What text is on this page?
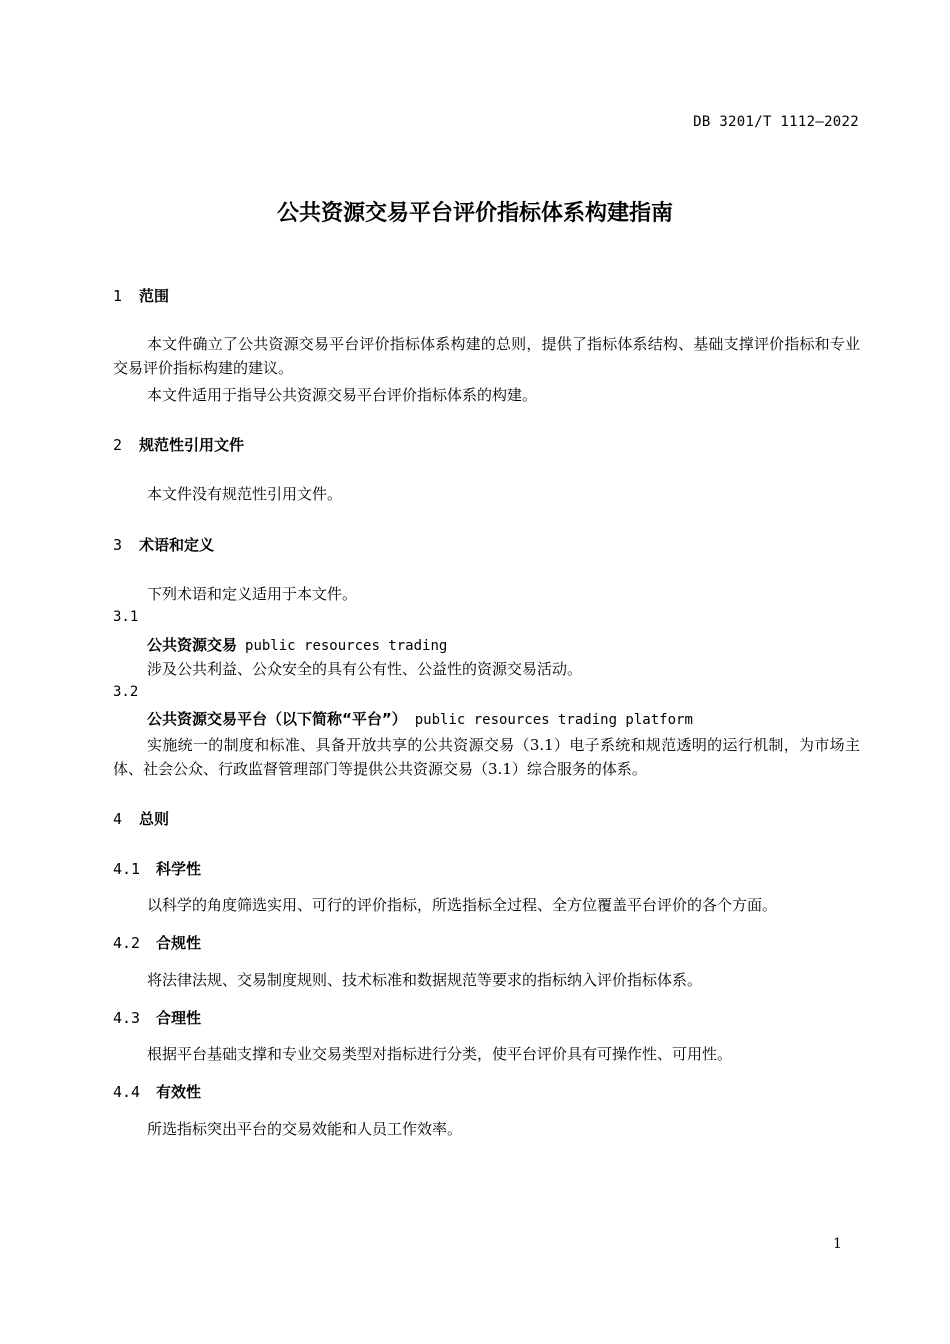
DB 3201/T 1112—2022
公共资源交易平台评价指标体系构建指南
1 范围
本文件确立了公共资源交易平台评价指标体系构建的总则，提供了指标体系结构、基础支撑评价指标和专业交易评价指标构建的建议。
本文件适用于指导公共资源交易平台评价指标体系的构建。
2 规范性引用文件
本文件没有规范性引用文件。
3 术语和定义
下列术语和定义适用于本文件。
3.1
公共资源交易 public resources trading
涉及公共利益、公众安全的具有公有性、公益性的资源交易活动。
3.2
公共资源交易平台（以下简称“平台”） public resources trading platform
实施统一的制度和标准、具备开放共享的公共资源交易（3.1）电子系统和规范透明的运行机制，为市场主体、社会公众、行政监督管理部门等提供公共资源交易（3.1）综合服务的体系。
4 总则
4.1 科学性
以科学的角度筛选实用、可行的评价指标，所选指标全过程、全方位覆盖平台评价的各个方面。
4.2 合规性
将法律法规、交易制度规则、技术标准和数据规范等要求的指标纳入评价指标体系。
4.3 合理性
根据平台基础支撑和专业交易类型对指标进行分类，使平台评价具有可操作性、可用性。
4.4 有效性
所选指标突出平台的交易效能和人员工作效率。
1
